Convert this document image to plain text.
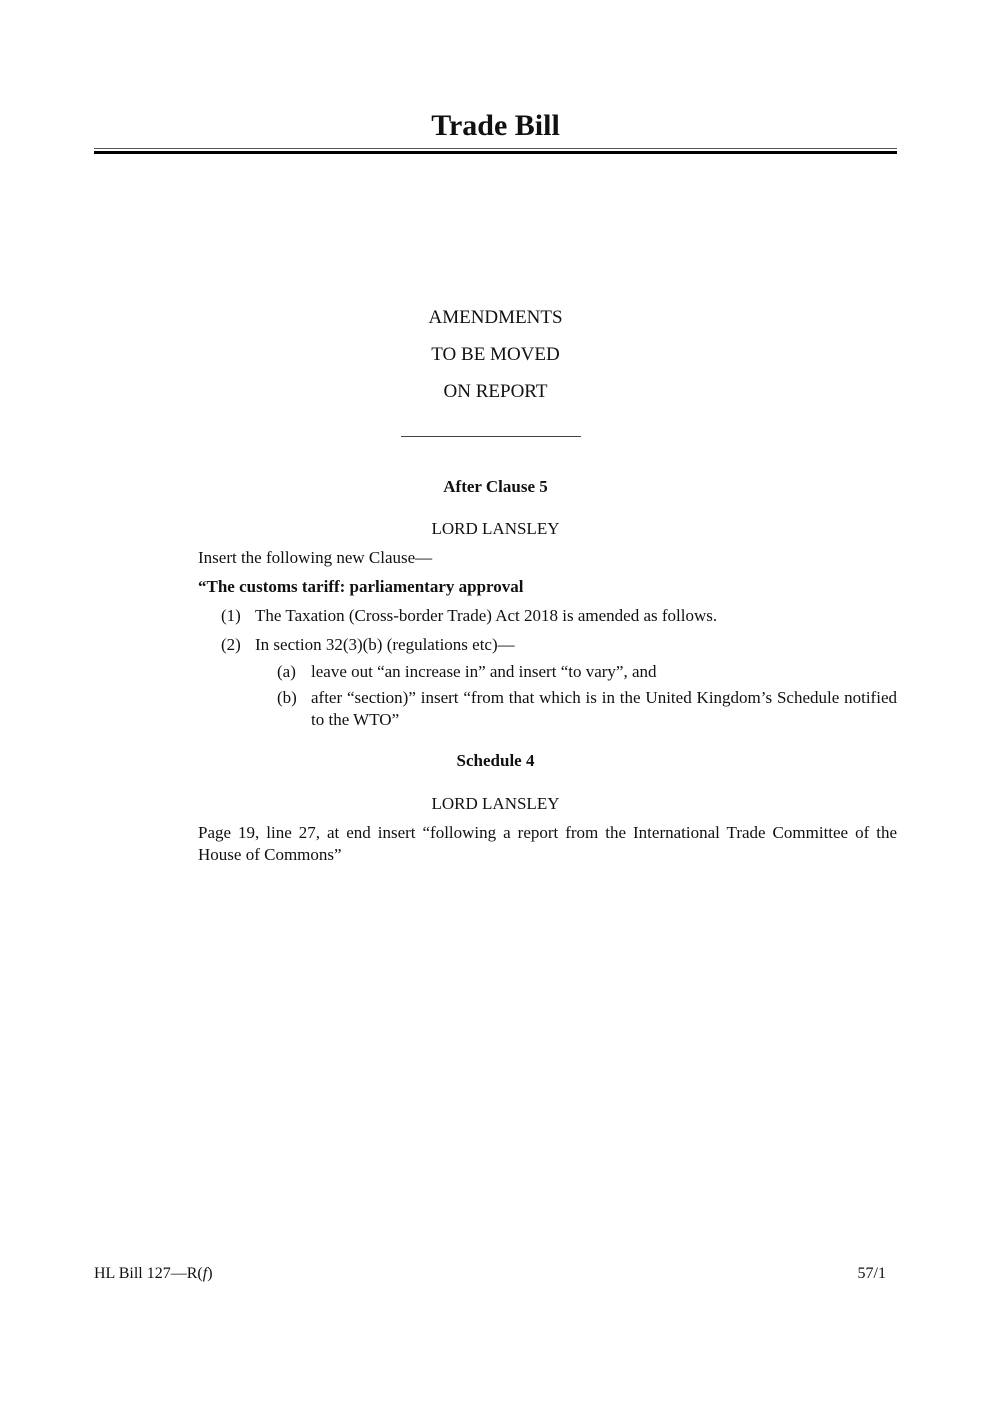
Trade Bill
AMENDMENTS
TO BE MOVED
ON REPORT
After Clause 5
LORD LANSLEY
Insert the following new Clause—
“The customs tariff: parliamentary approval
(1) The Taxation (Cross-border Trade) Act 2018 is amended as follows.
(2) In section 32(3)(b) (regulations etc)—
(a) leave out “an increase in” and insert “to vary”, and
(b) after “section)” insert “from that which is in the United Kingdom’s Schedule notified to the WTO”
Schedule 4
LORD LANSLEY
Page 19, line 27, at end insert “following a report from the International Trade Committee of the House of Commons”
HL Bill 127—R(f)	57/1
